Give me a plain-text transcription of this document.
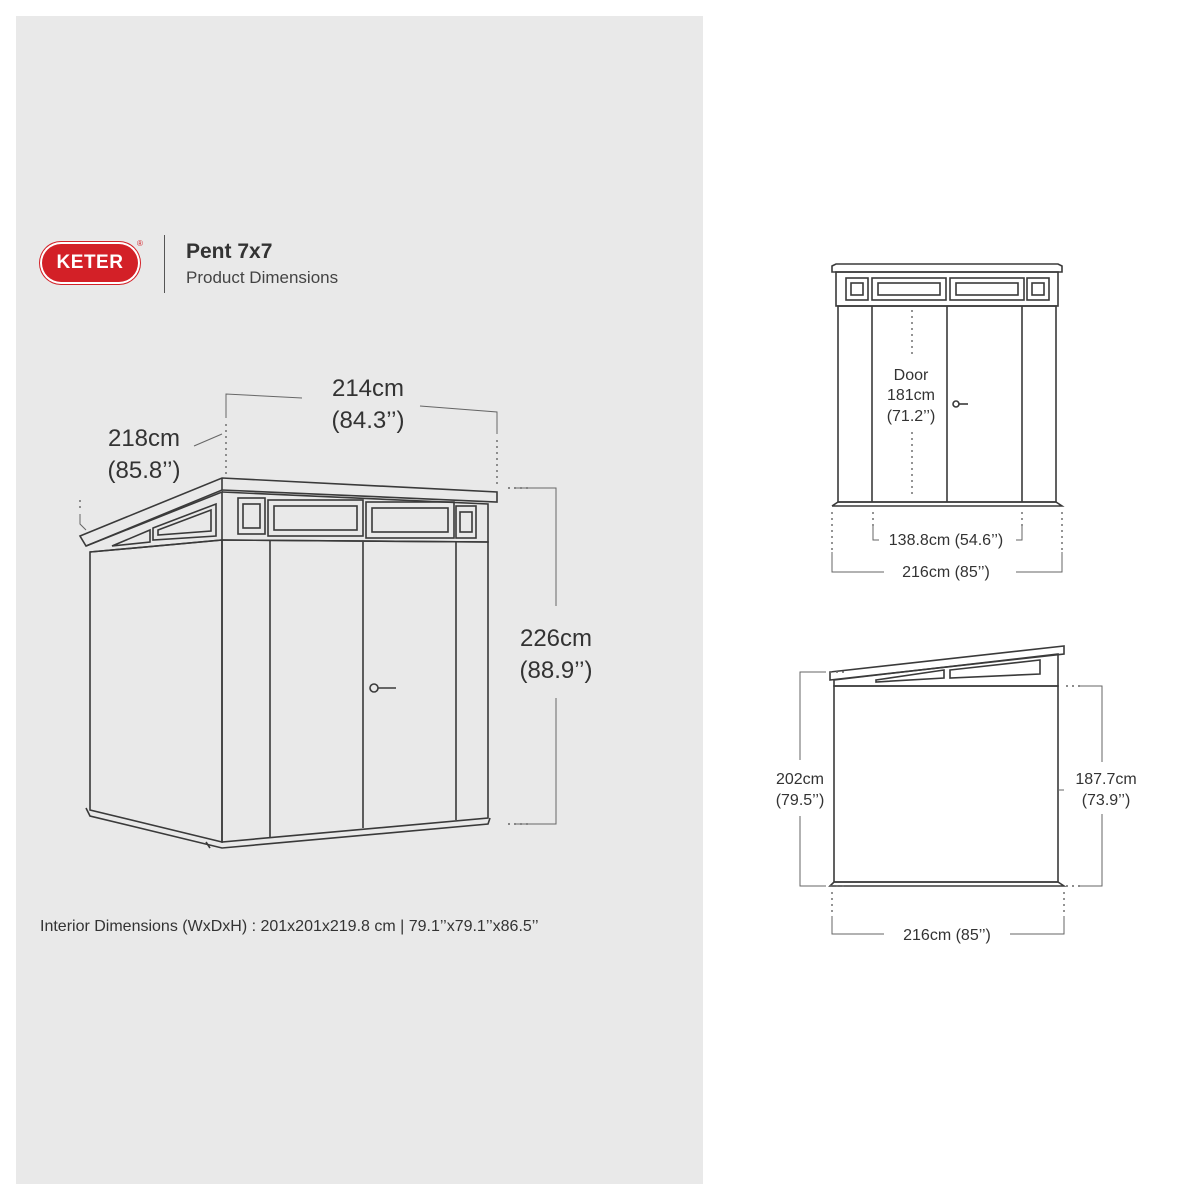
KETER
® Pent 7x7
Product Dimensions
214cm
(84.3’’)
218cm
(85.8’’)
226cm
(88.9’’)
Door
181cm
(71.2’’)
138.8cm (54.6’’)
216cm (85’’)
202cm
(79.5’’)
187.7cm
(73.9’’)
216cm (85’’)
Interior Dimensions (WxDxH) : 201x201x219.8 cm | 79.1’’x79.1’’x86.5’’
